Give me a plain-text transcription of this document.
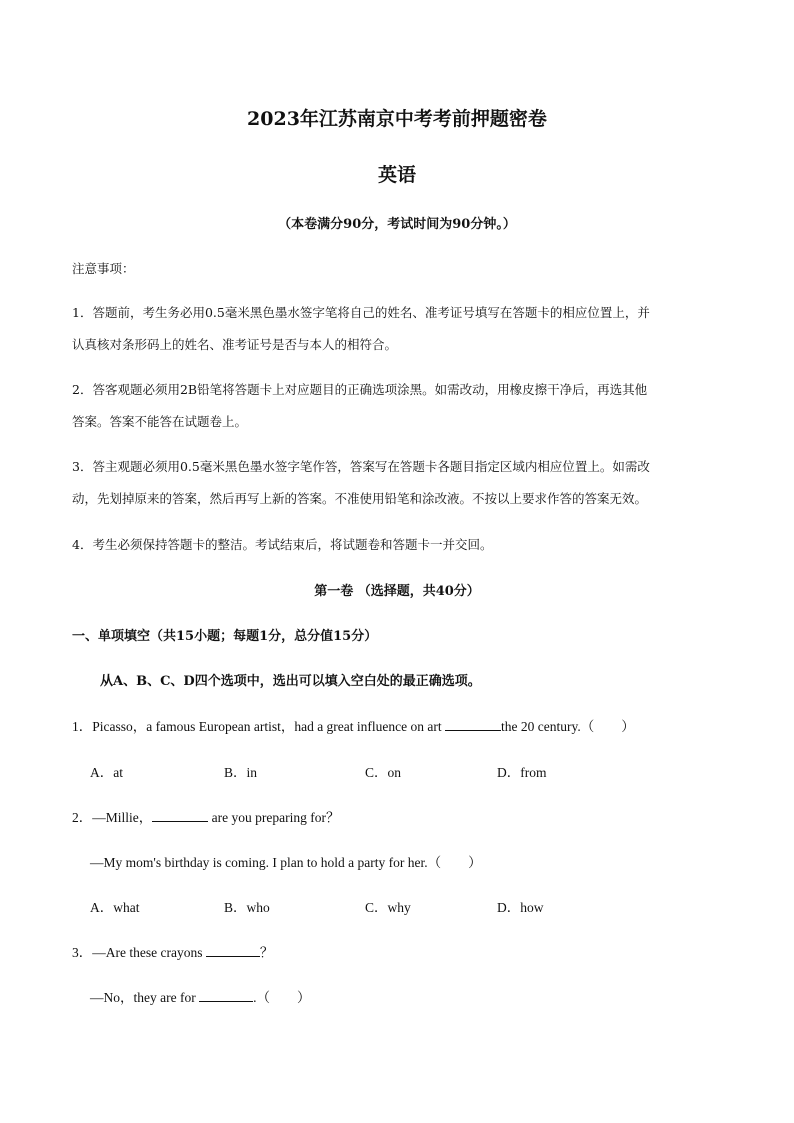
2023年江苏南京中考考前押题密卷
英语
（本卷满分90分，考试时间为90分钟。）
注意事项：
1．答题前，考生务必用0.5毫米黑色墨水签字笔将自己的姓名、准考证号填写在答题卡的相应位置上，并
认真核对条形码上的姓名、准考证号是否与本人的相符合。
2．答客观题必须用2B铅笔将答题卡上对应题目的正确选项涂黑。如需改动，用橡皮擦干净后，再选其他
答案。答案不能答在试题卷上。
3．答主观题必须用0.5毫米黑色墨水签字笔作答，答案写在答题卡各题目指定区域内相应位置上。如需改
动，先划掉原来的答案，然后再写上新的答案。不准使用铅笔和涂改液。不按以上要求作答的答案无效。
4．考生必须保持答题卡的整洁。考试结束后，将试题卷和答题卡一并交回。
第一卷 （选择题，共40分）
一、单项填空（共15小题；每题1分，总分值15分）
从A、B、C、D四个选项中，选出可以填入空白处的最正确选项。
1．Picasso，a famous European artist，had a great influence on art	the 20 century.（　　）
A．at	B．in	C．on	D．from
2．—Millie，	are you preparing for？
—My mom's birthday is coming. I plan to hold a party for her.（　　）
A．what	B．who	C．why	D．how
3．—Are these crayons	？
—No，they are for	.（　　）
